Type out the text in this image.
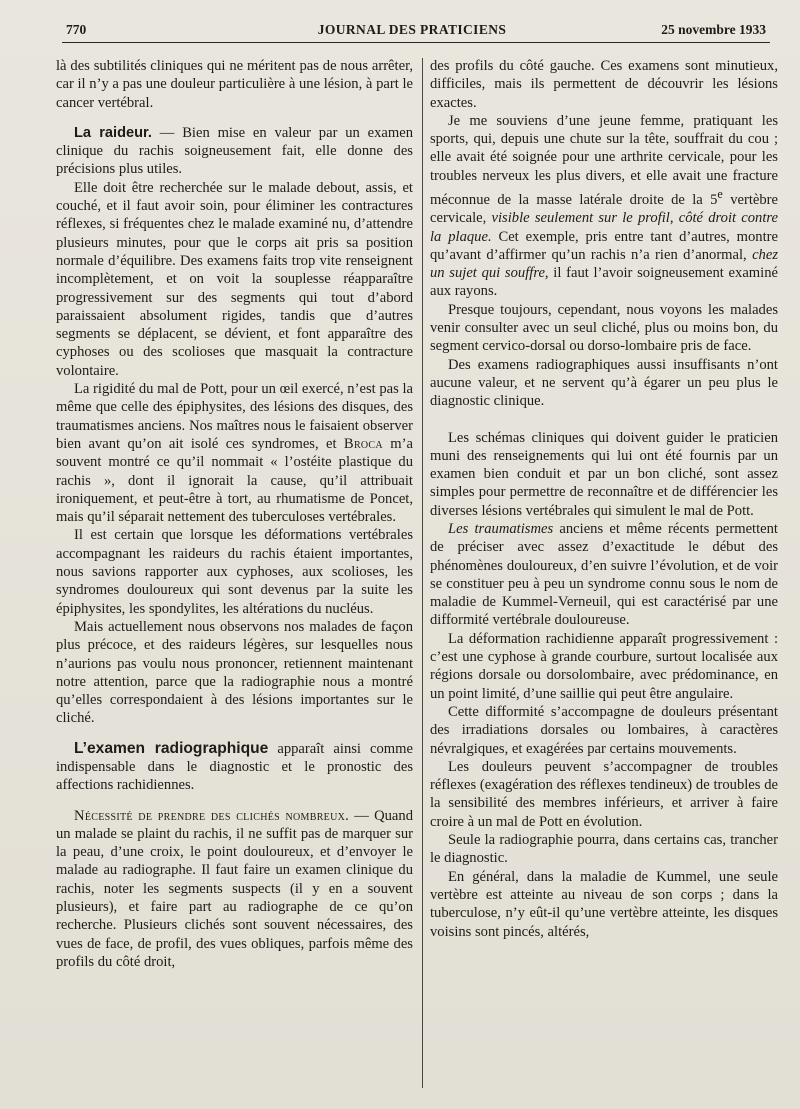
770	JOURNAL DES PRATICIENS	25 novembre 1933

là des subtilités cliniques qui ne méritent pas de nous arrêter, car il n’y a pas une douleur particulière à une lésion, à part le cancer vertébral.

La raideur. — Bien mise en valeur par un examen clinique du rachis soigneusement fait, elle donne des précisions plus utiles.

Elle doit être recherchée sur le malade debout, assis, et couché, et il faut avoir soin, pour éliminer les contractures réflexes, si fréquentes chez le malade examiné nu, d’attendre plusieurs minutes, pour que le corps ait pris sa position normale d’équilibre. Des examens faits trop vite renseignent incomplètement, et on voit la souplesse réapparaître progressivement sur des segments qui tout d’abord paraissaient absolument rigides, tandis que d’autres segments se déplacent, se dévient, et font apparaître des cyphoses ou des scolioses que masquait la contracture volontaire.

La rigidité du mal de Pott, pour un œil exercé, n’est pas la même que celle des épiphysites, des lésions des disques, des traumatismes anciens. Nos maîtres nous le faisaient observer bien avant qu’on ait isolé ces syndromes, et Broca m’a souvent montré ce qu’il nommait « l’ostéite plastique du rachis », dont il ignorait la cause, qu’il attribuait ironiquement, et peut-être à tort, au rhumatisme de Poncet, mais qu’il séparait nettement des tuberculoses vertébrales.

Il est certain que lorsque les déformations vertébrales accompagnant les raideurs du rachis étaient importantes, nous savions rapporter aux cyphoses, aux scolioses, les syndromes douloureux qui sont devenus par la suite les épiphysites, les spondylites, les altérations du nucléus.

Mais actuellement nous observons nos malades de façon plus précoce, et des raideurs légères, sur lesquelles nous n’aurions pas voulu nous prononcer, retiennent maintenant notre attention, parce que la radiographie nous a montré qu’elles correspondaient à des lésions importantes sur le cliché.

L’examen radiographique apparaît ainsi comme indispensable dans le diagnostic et le pronostic des affections rachidiennes.

Nécessité de prendre des clichés nombreux. — Quand un malade se plaint du rachis, il ne suffit pas de marquer sur la peau, d’une croix, le point douloureux, et d’envoyer le malade au radiographe. Il faut faire un examen clinique du rachis, noter les segments suspects (il y en a souvent plusieurs), et faire part au radiographe de ce qu’on recherche. Plusieurs clichés sont souvent nécessaires, des vues de face, de profil, des vues obliques, parfois même des profils du côté droit,

des profils du côté gauche. Ces examens sont minutieux, difficiles, mais ils permettent de découvrir les lésions exactes.

Je me souviens d’une jeune femme, pratiquant les sports, qui, depuis une chute sur la tête, souffrait du cou ; elle avait été soignée pour une arthrite cervicale, pour les troubles nerveux les plus divers, et elle avait une fracture méconnue de la masse latérale droite de la 5e vertèbre cervicale, visible seulement sur le profil, côté droit contre la plaque. Cet exemple, pris entre tant d’autres, montre qu’avant d’affirmer qu’un rachis n’a rien d’anormal, chez un sujet qui souffre, il faut l’avoir soigneusement examiné aux rayons.

Presque toujours, cependant, nous voyons les malades venir consulter avec un seul cliché, plus ou moins bon, du segment cervico-dorsal ou dorso-lombaire pris de face.

Des examens radiographiques aussi insuffisants n’ont aucune valeur, et ne servent qu’à égarer un peu plus le diagnostic clinique.

Les schémas cliniques qui doivent guider le praticien muni des renseignements qui lui ont été fournis par un examen bien conduit et par un bon cliché, sont assez simples pour permettre de reconnaître et de différencier les diverses lésions vertébrales qui simulent le mal de Pott.

Les traumatismes anciens et même récents permettent de préciser avec assez d’exactitude le début des phénomènes douloureux, d’en suivre l’évolution, et de voir se constituer peu à peu un syndrome connu sous le nom de maladie de Kummel-Verneuil, qui est caractérisé par une difformité vertébrale douloureuse.

La déformation rachidienne apparaît progressivement : c’est une cyphose à grande courbure, surtout localisée aux régions dorsale ou dorsolombaire, avec prédominance, en un point limité, d’une saillie qui peut être angulaire.

Cette difformité s’accompagne de douleurs présentant des irradiations dorsales ou lombaires, à caractères névralgiques, et exagérées par certains mouvements.

Les douleurs peuvent s’accompagner de troubles réflexes (exagération des réflexes tendineux) de troubles de la sensibilité des membres inférieurs, et arriver à faire croire à un mal de Pott en évolution.

Seule la radiographie pourra, dans certains cas, trancher le diagnostic.

En général, dans la maladie de Kummel, une seule vertèbre est atteinte au niveau de son corps ; dans la tuberculose, n’y eût-il qu’une vertèbre atteinte, les disques voisins sont pincés, altérés,
